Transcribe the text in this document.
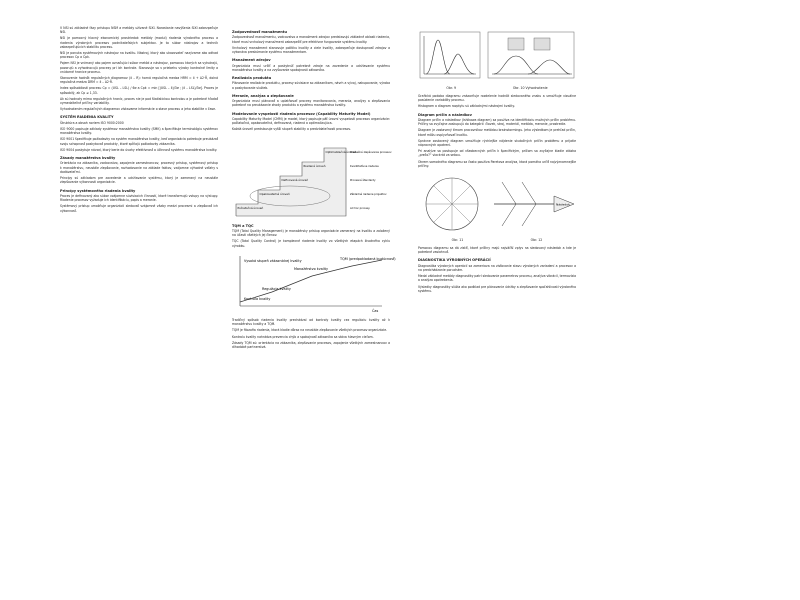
V NSI sú základné fázy prístupu NSM a metódy užívané SIXI. Narastanie navýšenia SIXI zabezpečuje NSI.

NSI je pomocný hlavný ekonomický prostriedok metódy (modul) riadenia výrobného procesu a riadenia výrobných procesov podnikateľských subjektov. Je to súbor nástrojov a techník zabezpečujúcich stabilitu procesu.

NSI je ponuka systémových nástrojov na kvalitu. Nástroj, ktorý ako ukazovateľ nazývame ako odhad procesov Cp a Cpk.

Pojem NSI je vnímaný ako pojem označujúci súbor metód a nástrojov, pomocou ktorých sa vytvárajú, pozorujú a vyhodnocujú procesy pri ich kontrole. Stanovuje sa v priebehu výroby kontrolné limity a vnútorné hranice procesu.

Stanovenie hodnôt regulačných diagramov (x̄ – R): horná regulačná medza HRM = x̄ + A2·R̄, dolná regulačná medza DRM = x̄ – A2·R̄.

Index spôsobilosti procesu Cp = (USL – LSL) / 6σ a Cpk = min [(USL – x̄)/3σ ; (x̄ – LSL)/3σ]. Proces je spôsobilý, ak Cp ≥ 1,33.

Ak sú hodnoty mimo regulačných hraníc, proces nie je pod štatistickou kontrolou a je potrebné hľadať vymedziteľné príčiny variability.

Vyhodnotením regulačných diagramov získavame informácie o stave procesu a jeho stabilite v čase.

SYSTÉM RIADENIA KVALITY

Štruktúra a obsah noriem ISO 9000:2000

ISO 9000 popisuje základy systémov manažérstva kvality (SMK) a špecifikuje terminológiu systémov manažérstva kvality.

ISO 9001 špecifikuje požiadavky na systém manažérstva kvality, keď organizácia potrebuje preukázať svoju schopnosť poskytovať produkty, ktoré spĺňajú požiadavky zákazníka.

ISO 9004 poskytuje návod, ktorý berie do úvahy efektívnosť a účinnosť systému manažérstva kvality.

Zásady manažérstva kvality

Orientácia na zákazníka, vodcovstvo, zapojenie zamestnancov, procesný prístup, systémový prístup k manažérstvu, neustále zlepšovanie, rozhodovanie na základe faktov, vzájomne výhodné vzťahy s dodávateľmi.

Princípy sú základom pre zavedenie a udržiavanie systému, ktorý je zameraný na neustále zlepšovanie výkonnosti organizácie.

Princípy systémového riadenia kvality

Proces je definovaný ako súbor vzájomne súvisiacich činností, ktoré transformujú vstupy na výstupy. Riadenie procesov vyžaduje ich identifikáciu, popis a meranie.

Systémový prístup umožňuje organizácii sledovať vzájomné väzby medzi procesmi a zlepšovať ich výkonnosť.

Zodpovednosť manažmentu

Zodpovednosť manažmentu, vodcovstvo a manažment zdrojov predstavujú základné oblasti riadenia, ktoré musí vrcholový manažment zabezpečiť pre efektívne fungovanie systému kvality.

Vrcholový manažment stanovuje politiku kvality a ciele kvality, zabezpečuje dostupnosť zdrojov a vykonáva preskúmanie systému manažmentom.

Manažment zdrojov

Organizácia musí určiť a poskytnúť potrebné zdroje na zavedenie a udržiavanie systému manažérstva kvality a na zvyšovanie spokojnosti zákazníka.

Realizácia produktu

Plánovanie realizácie produktu, procesy súvisiace so zákazníkom, návrh a vývoj, nakupovanie, výroba a poskytovanie služieb.

Meranie, analýza a zlepšovanie

Organizácia musí plánovať a uplatňovať procesy monitorovania, merania, analýzy a zlepšovania potrebné na preukázanie zhody produktu a systému manažérstva kvality.

Modelovanie vyspelosti riadenia procesov (Capability Maturity Model)

Capability Maturity Model (CMM) je model, ktorý popisuje päť úrovní vyspelosti procesov organizácie: počiatočná, opakovateľná, definovaná, riadená a optimalizujúca.

Každá úroveň predstavuje vyšší stupeň stability a predvídateľnosti procesov.

Optimalizačná úroveň
Riadená úroveň
Definovaná úroveň
Opakovateľná úroveň
Počiatočná úroveň
Priebežné zlepšovanie procesov
Kvantitatívne riadenie
Procesné štandardy
Základné riadenie projektov
Ad hoc procesy
TQM a TQC

TQM (Total Quality Management) je manažérsky prístup organizácie zameraný na kvalitu a založený na účasti všetkých jej členov.

TQC (Total Quality Control) je komplexné riadenie kvality vo všetkých etapách životného cyklu výrobku.

Vysoká stupeň zákazníckej kvality
Manažérstvo kvality
TQM (predpokladaná budúcnosť)
Regulácia kvality
Kontrola kvality
Čas

Tradičný spôsob riadenia kvality prechádzal od kontroly kvality cez reguláciu kvality až k manažérstvu kvality a TQM.

TQM je filozofia riadenia, ktorá kladie dôraz na neustále zlepšovanie všetkých procesov organizácie.

Kontrolu kvality nahrádza prevencia chýb a spokojnosť zákazníka sa stáva hlavným cieľom.

Zásady TQM sú: orientácia na zákazníka, zlepšovanie procesov, zapojenie všetkých zamestnancov a dlhodobé partnerstvá.

Obr. 9	Obr. 10 Vyhodnotenie

Grafická podoba diagramu znázorňuje rozdelenie hodnôt sledovaného znaku a umožňuje vizuálne posúdenie variability procesu.

Histogram a diagram rozptylu sú základnými nástrojmi kvality.

Diagram príčin a následkov

Diagram príčin a následkov (Ishikawa diagram) sa používa na identifikáciu možných príčin problému. Príčiny sa zvyčajne zoskupujú do kategórií: človek, stroj, materiál, metóda, meranie, prostredie.

Diagram je zostavený tímom pracovníkov metódou brainstormingu. Jeho výsledkom je prehľad príčin, ktoré môžu ovplyvňovať kvalitu.

Správne zostavený diagram umožňuje rýchlejšie nájdenie skutočných príčin problému a prijatie nápravných opatrení.

Pri analýze sa postupuje od všeobecných príčin k špecifickým, pričom sa zvyčajne kladie otázka „prečo?“ viackrát za sebou.

Okrem samotného diagramu sa často používa Paretova analýza, ktorá pomáha určiť najvýznamnejšie príčiny.

Následok
Obr. 11	Obr. 12

Pomocou diagramu sa dá zistiť, ktoré príčiny majú najväčší vplyv na sledovaný následok a kde je potrebné zasiahnuť.

DIAGNOSTIKA VÝROBNÝCH OPERÁCIÍ

Diagnostika výrobných operácií sa zameriava na zisťovanie stavu výrobných zariadení a procesov a na predchádzanie poruchám.

Medzi základné metódy diagnostiky patrí sledovanie parametrov procesu, analýza vibrácií, termovízia a analýza opotrebenia.

Výsledky diagnostiky slúžia ako podklad pre plánovanie údržby a zlepšovanie spoľahlivosti výrobného systému.
